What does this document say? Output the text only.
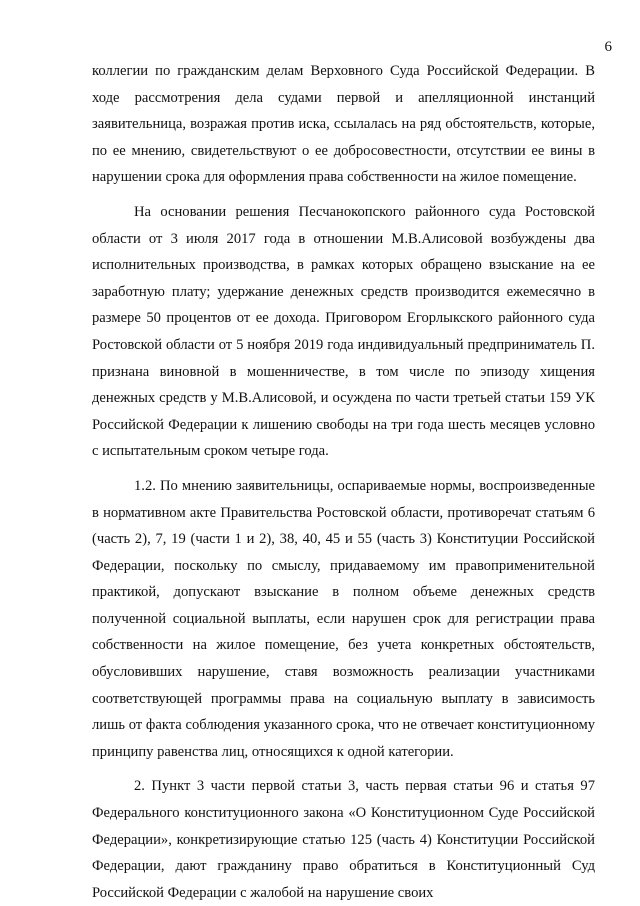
6

коллегии по гражданским делам Верховного Суда Российской Федерации. В ходе рассмотрения дела судами первой и апелляционной инстанций заявительница, возражая против иска, ссылалась на ряд обстоятельств, которые, по ее мнению, свидетельствуют о ее добросовестности, отсутствии ее вины в нарушении срока для оформления права собственности на жилое помещение.

На основании решения Песчанокопского районного суда Ростовской области от 3 июля 2017 года в отношении М.В.Алисовой возбуждены два исполнительных производства, в рамках которых обращено взыскание на ее заработную плату; удержание денежных средств производится ежемесячно в размере 50 процентов от ее дохода. Приговором Егорлыкского районного суда Ростовской области от 5 ноября 2019 года индивидуальный предприниматель П. признана виновной в мошенничестве, в том числе по эпизоду хищения денежных средств у М.В.Алисовой, и осуждена по части третьей статьи 159 УК Российской Федерации к лишению свободы на три года шесть месяцев условно с испытательным сроком четыре года.

1.2. По мнению заявительницы, оспариваемые нормы, воспроизведенные в нормативном акте Правительства Ростовской области, противоречат статьям 6 (часть 2), 7, 19 (части 1 и 2), 38, 40, 45 и 55 (часть 3) Конституции Российской Федерации, поскольку по смыслу, придаваемому им правоприменительной практикой, допускают взыскание в полном объеме денежных средств полученной социальной выплаты, если нарушен срок для регистрации права собственности на жилое помещение, без учета конкретных обстоятельств, обусловивших нарушение, ставя возможность реализации участниками соответствующей программы права на социальную выплату в зависимость лишь от факта соблюдения указанного срока, что не отвечает конституционному принципу равенства лиц, относящихся к одной категории.

2. Пункт 3 части первой статьи 3, часть первая статьи 96 и статья 97 Федерального конституционного закона «О Конституционном Суде Российской Федерации», конкретизирующие статью 125 (часть 4) Конституции Российской Федерации, дают гражданину право обратиться в Конституционный Суд Российской Федерации с жалобой на нарушение своих
